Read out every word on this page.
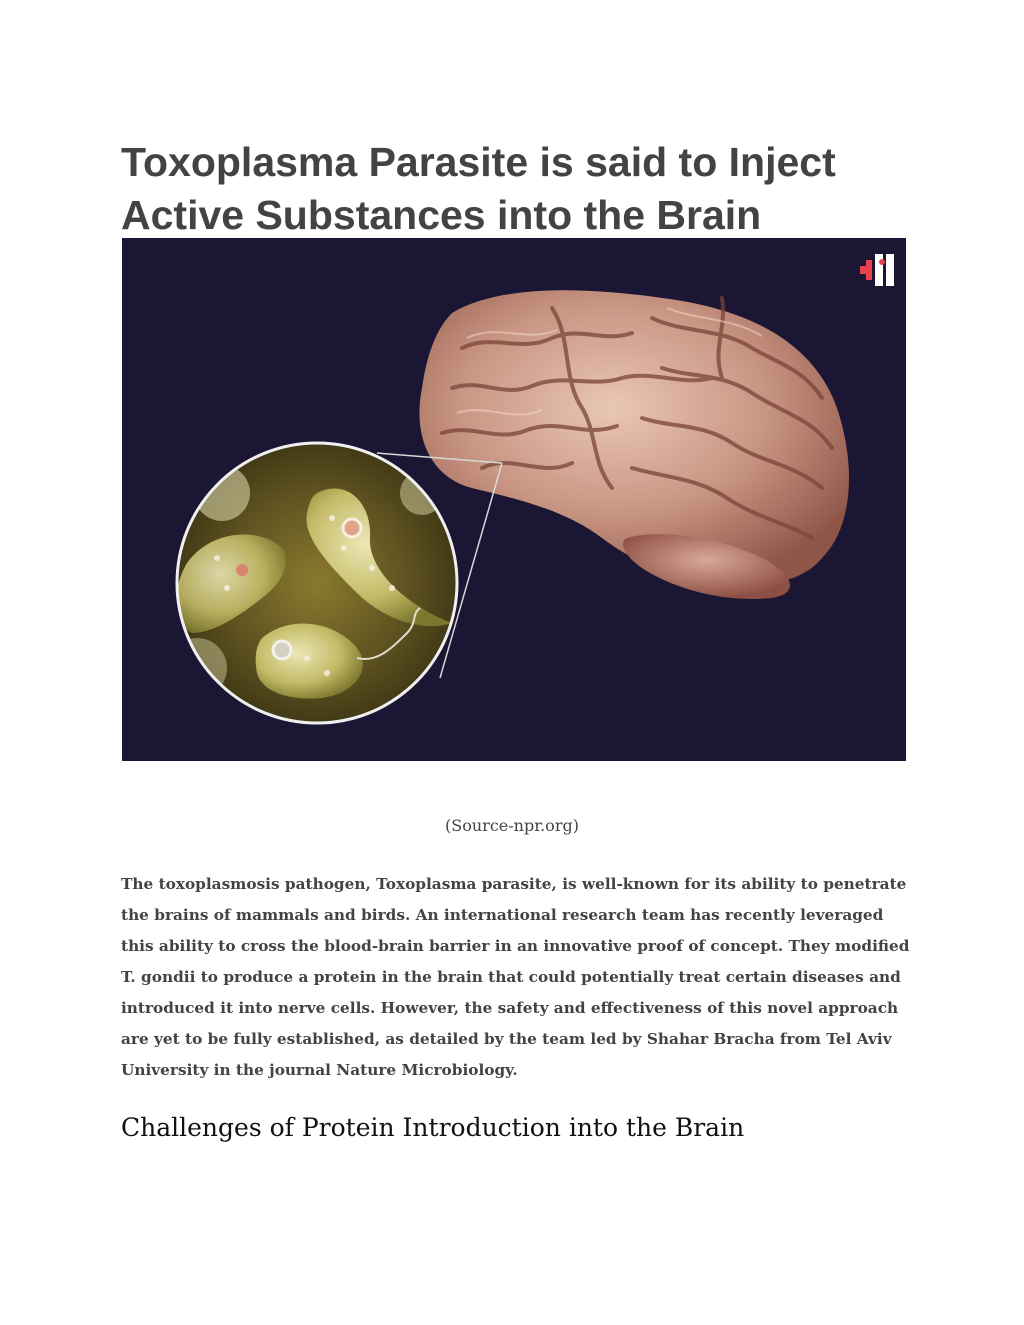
Toxoplasma Parasite is said to Inject Active Substances into the Brain
(Source-npr.org)

The toxoplasmosis pathogen, Toxoplasma parasite, is well-known for its ability to penetrate the brains of mammals and birds. An international research team has recently leveraged this ability to cross the blood-brain barrier in an innovative proof of concept. They modified T. gondii to produce a protein in the brain that could potentially treat certain diseases and introduced it into nerve cells. However, the safety and effectiveness of this novel approach are yet to be fully established, as detailed by the team led by Shahar Bracha from Tel Aviv University in the journal Nature Microbiology.

Challenges of Protein Introduction into the Brain
